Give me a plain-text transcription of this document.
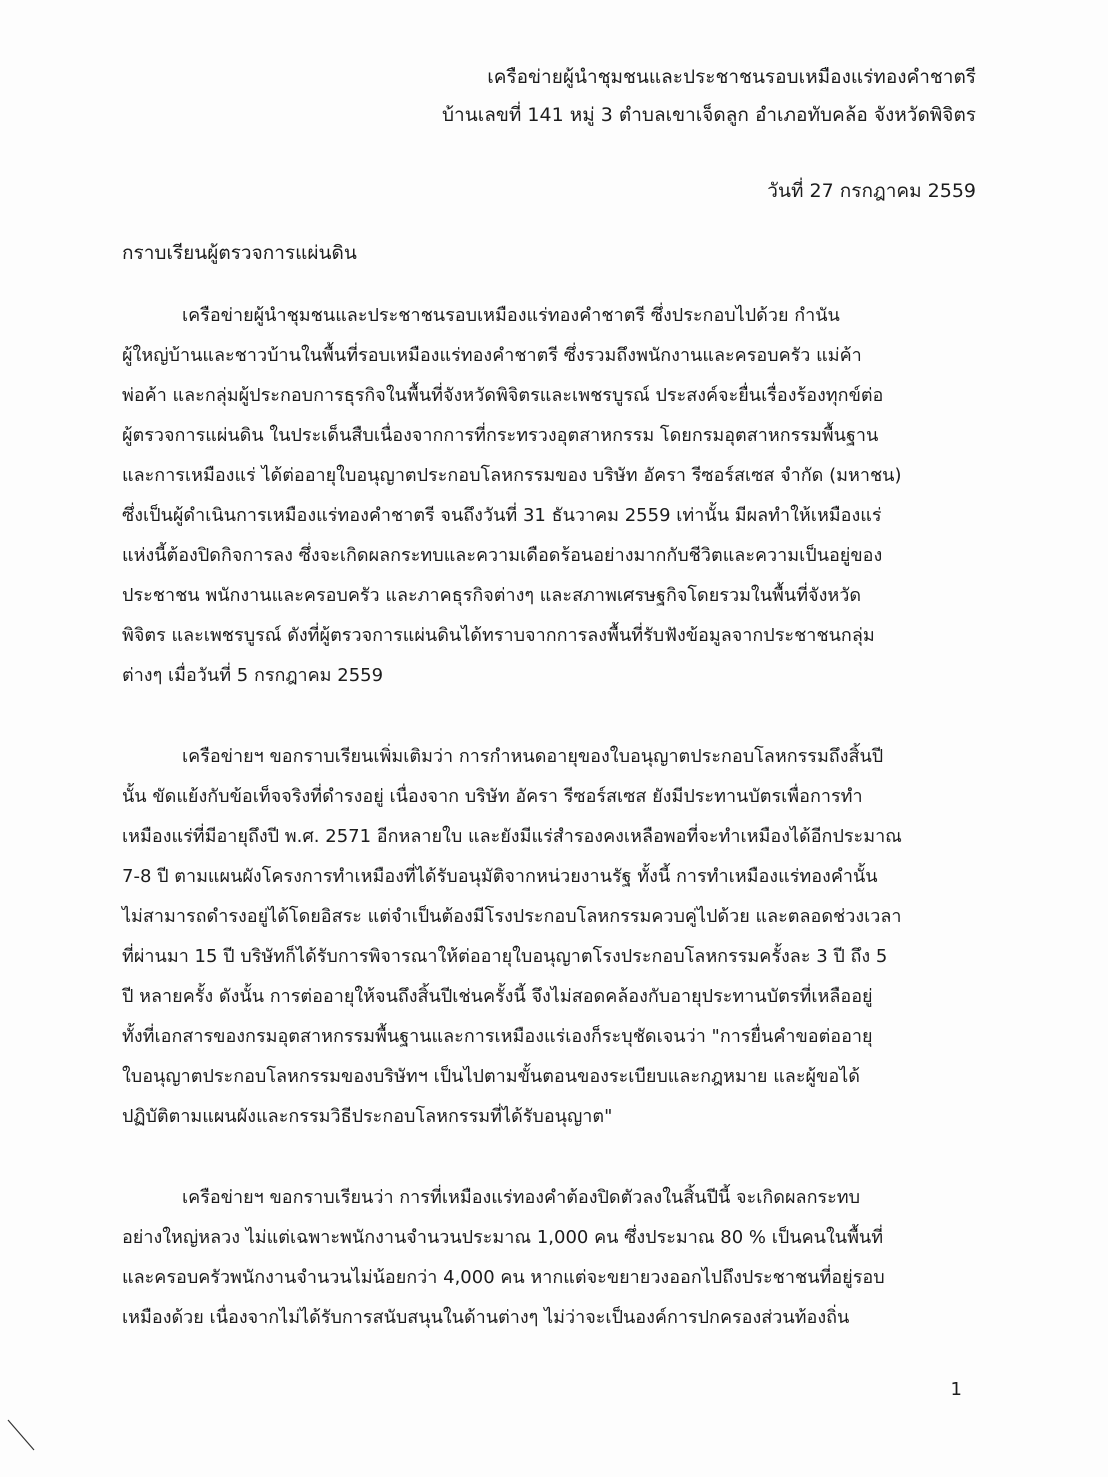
เครือข่ายผู้นำชุมชนและประชาชนรอบเหมืองแร่ทองคำชาตรี
บ้านเลขที่ 141 หมู่ 3 ตำบลเขาเจ็ดลูก อำเภอทับคล้อ จังหวัดพิจิตร
วันที่ 27 กรกฎาคม 2559
กราบเรียนผู้ตรวจการแผ่นดิน
เครือข่ายผู้นำชุมชนและประชาชนรอบเหมืองแร่ทองคำชาตรี ซึ่งประกอบไปด้วย กำนัน
ผู้ใหญ่บ้านและชาวบ้านในพื้นที่รอบเหมืองแร่ทองคำชาตรี ซึ่งรวมถึงพนักงานและครอบครัว แม่ค้า
พ่อค้า และกลุ่มผู้ประกอบการธุรกิจในพื้นที่จังหวัดพิจิตรและเพชรบูรณ์ ประสงค์จะยื่นเรื่องร้องทุกข์ต่อ
ผู้ตรวจการแผ่นดิน ในประเด็นสืบเนื่องจากการที่กระทรวงอุตสาหกรรม โดยกรมอุตสาหกรรมพื้นฐาน
และการเหมืองแร่ ได้ต่ออายุใบอนุญาตประกอบโลหกรรมของ บริษัท อัครา รีซอร์สเซส จำกัด (มหาชน)
ซึ่งเป็นผู้ดำเนินการเหมืองแร่ทองคำชาตรี จนถึงวันที่ 31 ธันวาคม 2559 เท่านั้น มีผลทำให้เหมืองแร่
แห่งนี้ต้องปิดกิจการลง ซึ่งจะเกิดผลกระทบและความเดือดร้อนอย่างมากกับชีวิตและความเป็นอยู่ของ
ประชาชน พนักงานและครอบครัว และภาคธุรกิจต่างๆ และสภาพเศรษฐกิจโดยรวมในพื้นที่จังหวัด
พิจิตร และเพชรบูรณ์ ดังที่ผู้ตรวจการแผ่นดินได้ทราบจากการลงพื้นที่รับฟังข้อมูลจากประชาชนกลุ่ม
ต่างๆ เมื่อวันที่ 5 กรกฎาคม 2559
เครือข่ายฯ ขอกราบเรียนเพิ่มเติมว่า การกำหนดอายุของใบอนุญาตประกอบโลหกรรมถึงสิ้นปี
นั้น ขัดแย้งกับข้อเท็จจริงที่ดำรงอยู่ เนื่องจาก บริษัท อัครา รีซอร์สเซส ยังมีประทานบัตรเพื่อการทำ
เหมืองแร่ที่มีอายุถึงปี พ.ศ. 2571 อีกหลายใบ และยังมีแร่สำรองคงเหลือพอที่จะทำเหมืองได้อีกประมาณ
7-8 ปี ตามแผนผังโครงการทำเหมืองที่ได้รับอนุมัติจากหน่วยงานรัฐ ทั้งนี้ การทำเหมืองแร่ทองคำนั้น
ไม่สามารถดำรงอยู่ได้โดยอิสระ แต่จำเป็นต้องมีโรงประกอบโลหกรรมควบคู่ไปด้วย และตลอดช่วงเวลา
ที่ผ่านมา 15 ปี บริษัทก็ได้รับการพิจารณาให้ต่ออายุใบอนุญาตโรงประกอบโลหกรรมครั้งละ 3 ปี ถึง 5
ปี หลายครั้ง ดังนั้น การต่ออายุให้จนถึงสิ้นปีเช่นครั้งนี้ จึงไม่สอดคล้องกับอายุประทานบัตรที่เหลืออยู่
ทั้งที่เอกสารของกรมอุตสาหกรรมพื้นฐานและการเหมืองแร่เองก็ระบุชัดเจนว่า "การยื่นคำขอต่ออายุ
ใบอนุญาตประกอบโลหกรรมของบริษัทฯ เป็นไปตามขั้นตอนของระเบียบและกฎหมาย และผู้ขอได้
ปฏิบัติตามแผนผังและกรรมวิธีประกอบโลหกรรมที่ได้รับอนุญาต"
เครือข่ายฯ ขอกราบเรียนว่า การที่เหมืองแร่ทองคำต้องปิดตัวลงในสิ้นปีนี้ จะเกิดผลกระทบ
อย่างใหญ่หลวง ไม่แต่เฉพาะพนักงานจำนวนประมาณ 1,000 คน ซึ่งประมาณ 80 % เป็นคนในพื้นที่
และครอบครัวพนักงานจำนวนไม่น้อยกว่า 4,000 คน หากแต่จะขยายวงออกไปถึงประชาชนที่อยู่รอบ
เหมืองด้วย เนื่องจากไม่ได้รับการสนับสนุนในด้านต่างๆ ไม่ว่าจะเป็นองค์การปกครองส่วนท้องถิ่น
1
